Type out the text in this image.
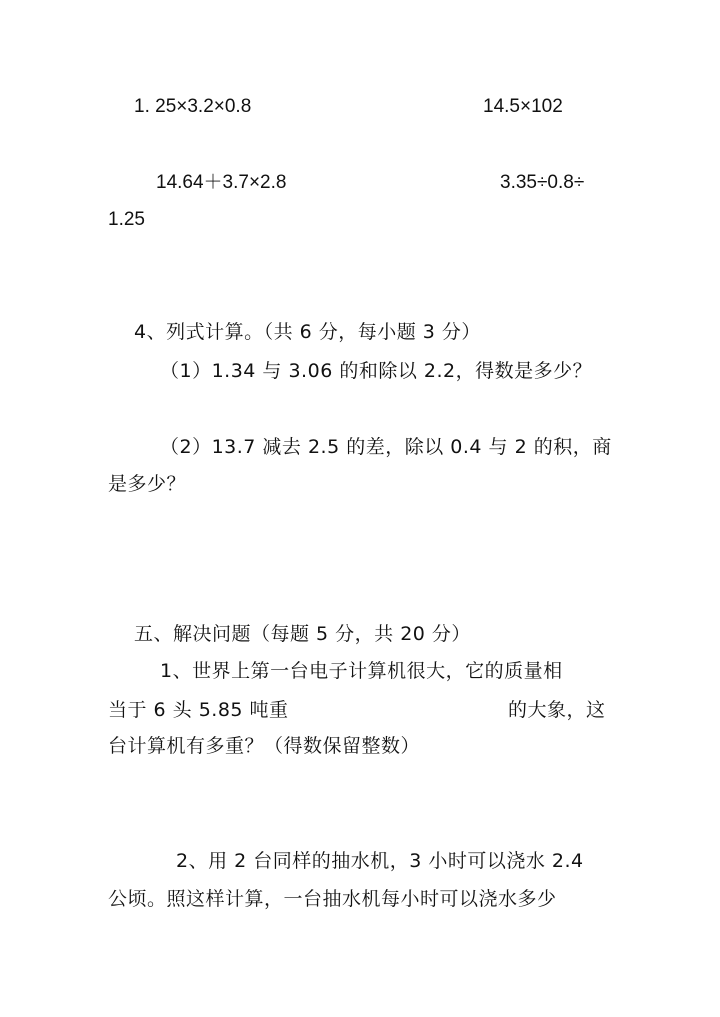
1. 25×3.2×0.8	14.5×102
14.64＋3.7×2.8	3.35÷0.8÷
1.25
4、列式计算。（共 6 分，每小题 3 分）
（1）1.34 与 3.06 的和除以 2.2，得数是多少？
（2）13.7 减去 2.5 的差，除以 0.4 与 2 的积，商
是多少？
五、解决问题（每题 5 分，共 20 分）
1、世界上第一台电子计算机很大，它的质量相
当于 6 头 5.85 吨重	的大象，这
台计算机有多重？（得数保留整数）
2、用 2 台同样的抽水机，3 小时可以浇水 2.4
公顷。照这样计算，一台抽水机每小时可以浇水多少
